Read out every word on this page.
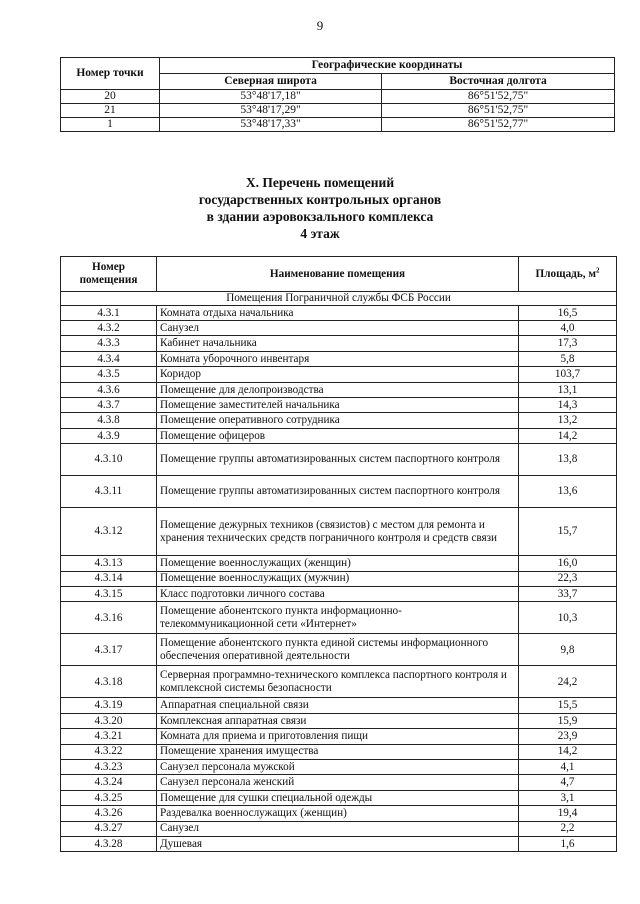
9
Номер точки	Географические координаты	
	Северная широта	Восточная долгота
20	53°48'17,18"	86°51'52,75"
21	53°48'17,29"	86°51'52,75"
1	53°48'17,33"	86°51'52,77"
X. Перечень помещений
государственных контрольных органов
в здании аэровокзального комплекса
4 этаж
Номер
помещения	Наименование помещения	Площадь, $м^2$
Помещения Пограничной службы ФСБ России		
4.3.1	Комната отдыха начальника	16,5
4.3.2	Санузел	4,0
4.3.3	Кабинет начальника	17,3
4.3.4	Комната уборочного инвентаря	5,8
4.3.5	Коридор	103,7
4.3.6	Помещение для делопроизводства	13,1
4.3.7	Помещение заместителей начальника	14,3
4.3.8	Помещение оперативного сотрудника	13,2
4.3.9	Помещение офицеров	14,2
4.3.10	Помещение группы автоматизированных систем паспортного контроля	13,8
4.3.11	Помещение группы автоматизированных систем паспортного контроля	13,6
4.3.12	Помещение дежурных техников (связистов) с местом для ремонта и хранения технических средств пограничного контроля и средств связи	15,7
4.3.13	Помещение военнослужащих (женщин)	16,0
4.3.14	Помещение военнослужащих (мужчин)	22,3
4.3.15	Класс подготовки личного состава	33,7
4.3.16	Помещение абонентского пункта информационно-телекоммуникационной сети «Интернет»	10,3
4.3.17	Помещение абонентского пункта единой системы информационного обеспечения оперативной деятельности	9,8
4.3.18	Серверная программно-технического комплекса паспортного контроля и комплексной системы безопасности	24,2
4.3.19	Аппаратная специальной связи	15,5
4.3.20	Комплексная аппаратная связи	15,9
4.3.21	Комната для приема и приготовления пищи	23,9
4.3.22	Помещение хранения имущества	14,2
4.3.23	Санузел персонала мужской	4,1
4.3.24	Санузел персонала женский	4,7
4.3.25	Помещение для сушки специальной одежды	3,1
4.3.26	Раздевалка военнослужащих (женщин)	19,4
4.3.27	Санузел	2,2
4.3.28	Душевая	1,6
